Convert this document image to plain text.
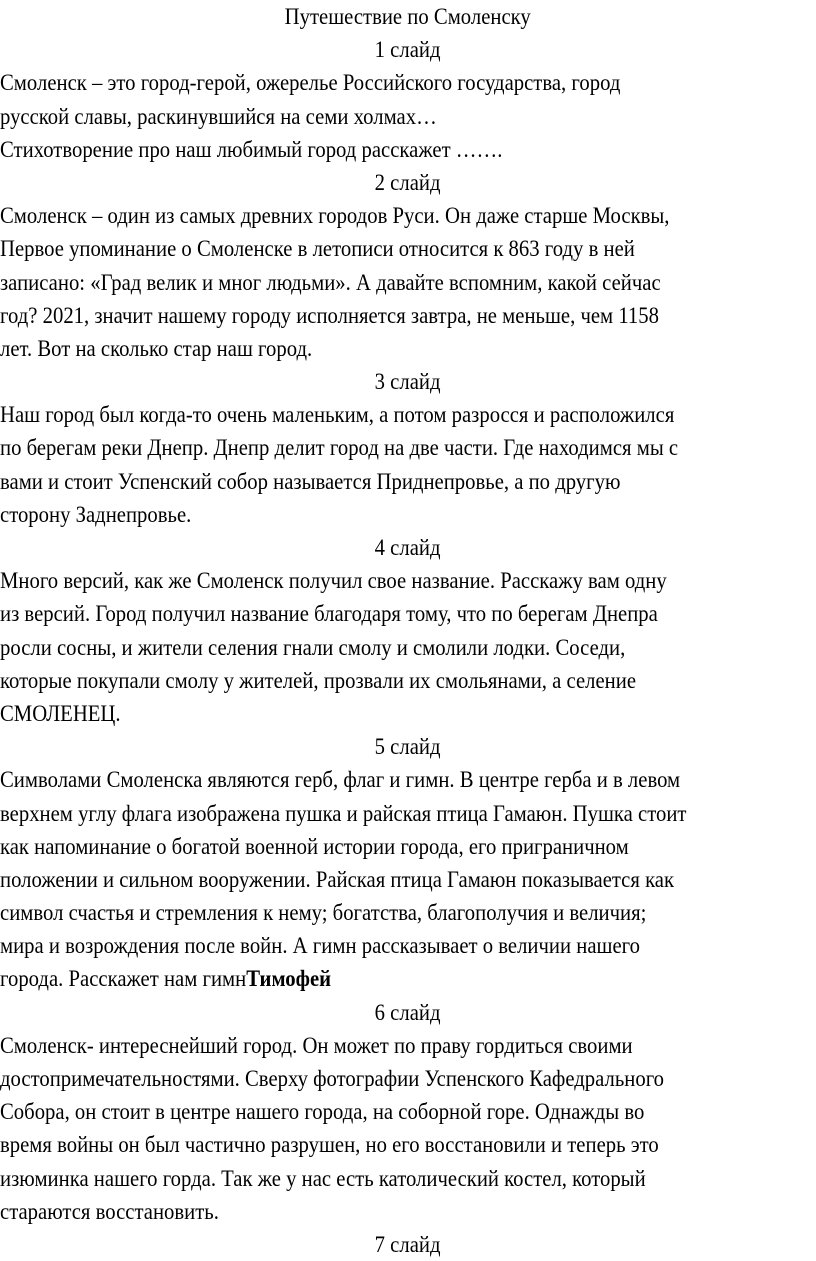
Путешествие по Смоленску
1 слайд
Смоленск – это город-герой, ожерелье Российского государства, город
русской славы, раскинувшийся на семи холмах…
Стихотворение про наш любимый город расскажет …….
2 слайд
Смоленск – один из самых древних городов Руси. Он даже старше Москвы,
Первое упоминание о Смоленске в летописи относится к 863 году в ней
записано: «Град велик и мног людьми». А давайте вспомним, какой сейчас
год? 2021, значит нашему городу исполняется завтра, не меньше, чем 1158
лет. Вот на сколько стар наш город.
3 слайд
Наш город был когда-то очень маленьким, а потом разросся и расположился
по берегам реки Днепр. Днепр делит город на две части. Где находимся мы с
вами и стоит Успенский собор называется Приднепровье, а по другую
сторону Заднепровье.
4 слайд
Много версий, как же Смоленск получил свое название. Расскажу вам одну
из версий. Город получил название благодаря тому, что по берегам Днепра
росли сосны, и жители селения гнали смолу и смолили лодки. Соседи,
которые покупали смолу у жителей, прозвали их смольянами, а селение
СМОЛЕНЕЦ.
5 слайд
Символами Смоленска являются герб, флаг и гимн. В центре герба и в левом
верхнем углу флага изображена пушка и райская птица Гамаюн. Пушка стоит
как напоминание о богатой военной истории города, его приграничном
положении и сильном вооружении. Райская птица Гамаюн показывается как
символ счастья и стремления к нему; богатства, благополучия и величия;
мира и возрождения после войн. А гимн рассказывает о величии нашего
города. Расскажет нам гимнТимофей
6 слайд
Смоленск- интереснейший город. Он может по праву гордиться своими
достопримечательностями. Сверху фотографии Успенского Кафедрального
Собора, он стоит в центре нашего города, на соборной горе. Однажды во
время войны он был частично разрушен, но его восстановили и теперь это
изюминка нашего горда. Так же у нас есть католический костел, который
стараются восстановить.
7 слайд
